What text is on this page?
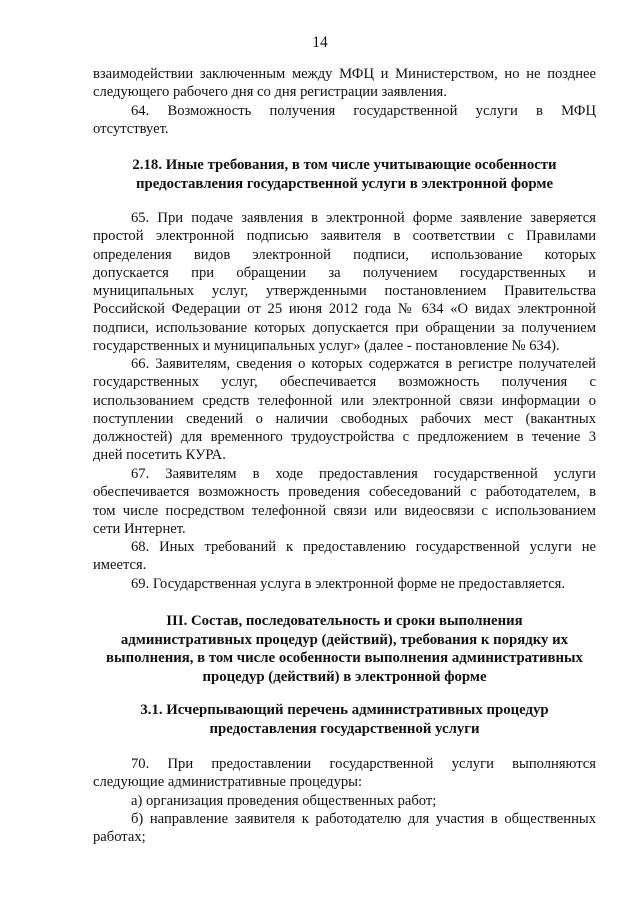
14
взаимодействии заключенным между МФЦ и Министерством, но не позднее
следующего рабочего дня со дня регистрации заявления.
64. Возможность получения государственной услуги в МФЦ
отсутствует.
2.18. Иные требования, в том числе учитывающие особенности
предоставления государственной услуги в электронной форме
65. При подаче заявления в электронной форме заявление заверяется
простой электронной подписью заявителя в соответствии с Правилами
определения видов электронной подписи, использование которых
допускается при обращении за получением государственных и
муниципальных услуг, утвержденными постановлением Правительства
Российской Федерации от 25 июня 2012 года № 634 «О видах электронной
подписи, использование которых допускается при обращении за получением
государственных и муниципальных услуг» (далее - постановление № 634).
66. Заявителям, сведения о которых содержатся в регистре получателей
государственных услуг, обеспечивается возможность получения с
использованием средств телефонной или электронной связи информации о
поступлении сведений о наличии свободных рабочих мест (вакантных
должностей) для временного трудоустройства с предложением в течение 3
дней посетить КУРА.
67. Заявителям в ходе предоставления государственной услуги
обеспечивается возможность проведения собеседований с работодателем, в
том числе посредством телефонной связи или видеосвязи с использованием
сети Интернет.
68. Иных требований к предоставлению государственной услуги не
имеется.
69. Государственная услуга в электронной форме не предоставляется.
III. Состав, последовательность и сроки выполнения
административных процедур (действий), требования к порядку их
выполнения, в том числе особенности выполнения административных
процедур (действий) в электронной форме
3.1. Исчерпывающий перечень административных процедур
предоставления государственной услуги
70. При предоставлении государственной услуги выполняются
следующие административные процедуры:
а) организация проведения общественных работ;
б) направление заявителя к работодателю для участия в общественных
работах;
